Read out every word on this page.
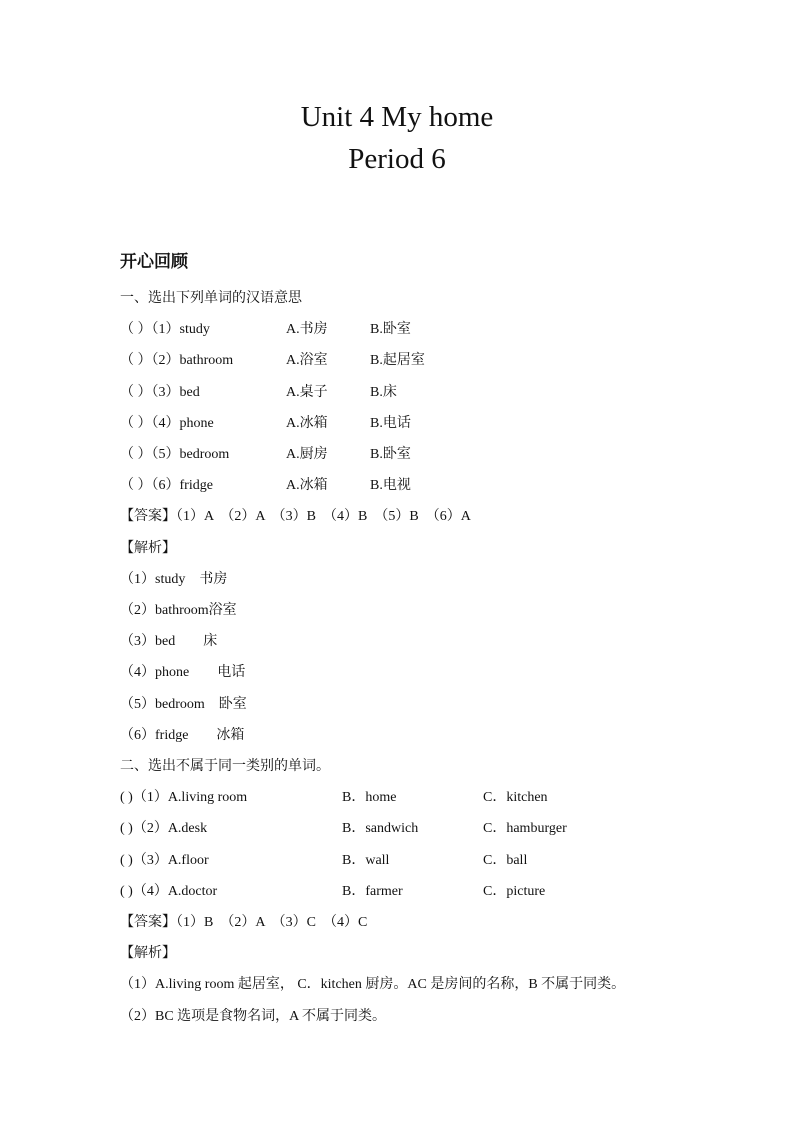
Unit 4 My home
Period 6
开心回顾
一、选出下列单词的汉语意思
（ ）（1）study	A.书房	B.卧室
（ ）（2）bathroom	A.浴室	B.起居室
（ ）（3）bed	A.桌子	B.床
（ ）（4）phone	A.冰箱	B.电话
（ ）（5）bedroom	A.厨房	B.卧室
（ ）（6）fridge	A.冰箱	B.电视
【答案】（1）A　（2）A　（3）B　（4）B　（5）B　（6）A
【解析】
（1）study　书房
（2）bathroom浴室
（3）bed　　床
（4）phone　　电话
（5）bedroom　卧室
（6）fridge　　冰箱
二、选出不属于同一类别的单词。
( )（1）A.living room	B．home	C．kitchen
( )（2）A.desk	B．sandwich	C．hamburger
( )（3）A.floor	B．wall	C．ball
( )（4）A.doctor	B．farmer	C．picture
【答案】（1）B　（2）A　（3）C　（4）C
【解析】
（1）A.living room 起居室， C．kitchen 厨房。AC 是房间的名称，B 不属于同类。
（2）BC 选项是食物名词，A 不属于同类。
